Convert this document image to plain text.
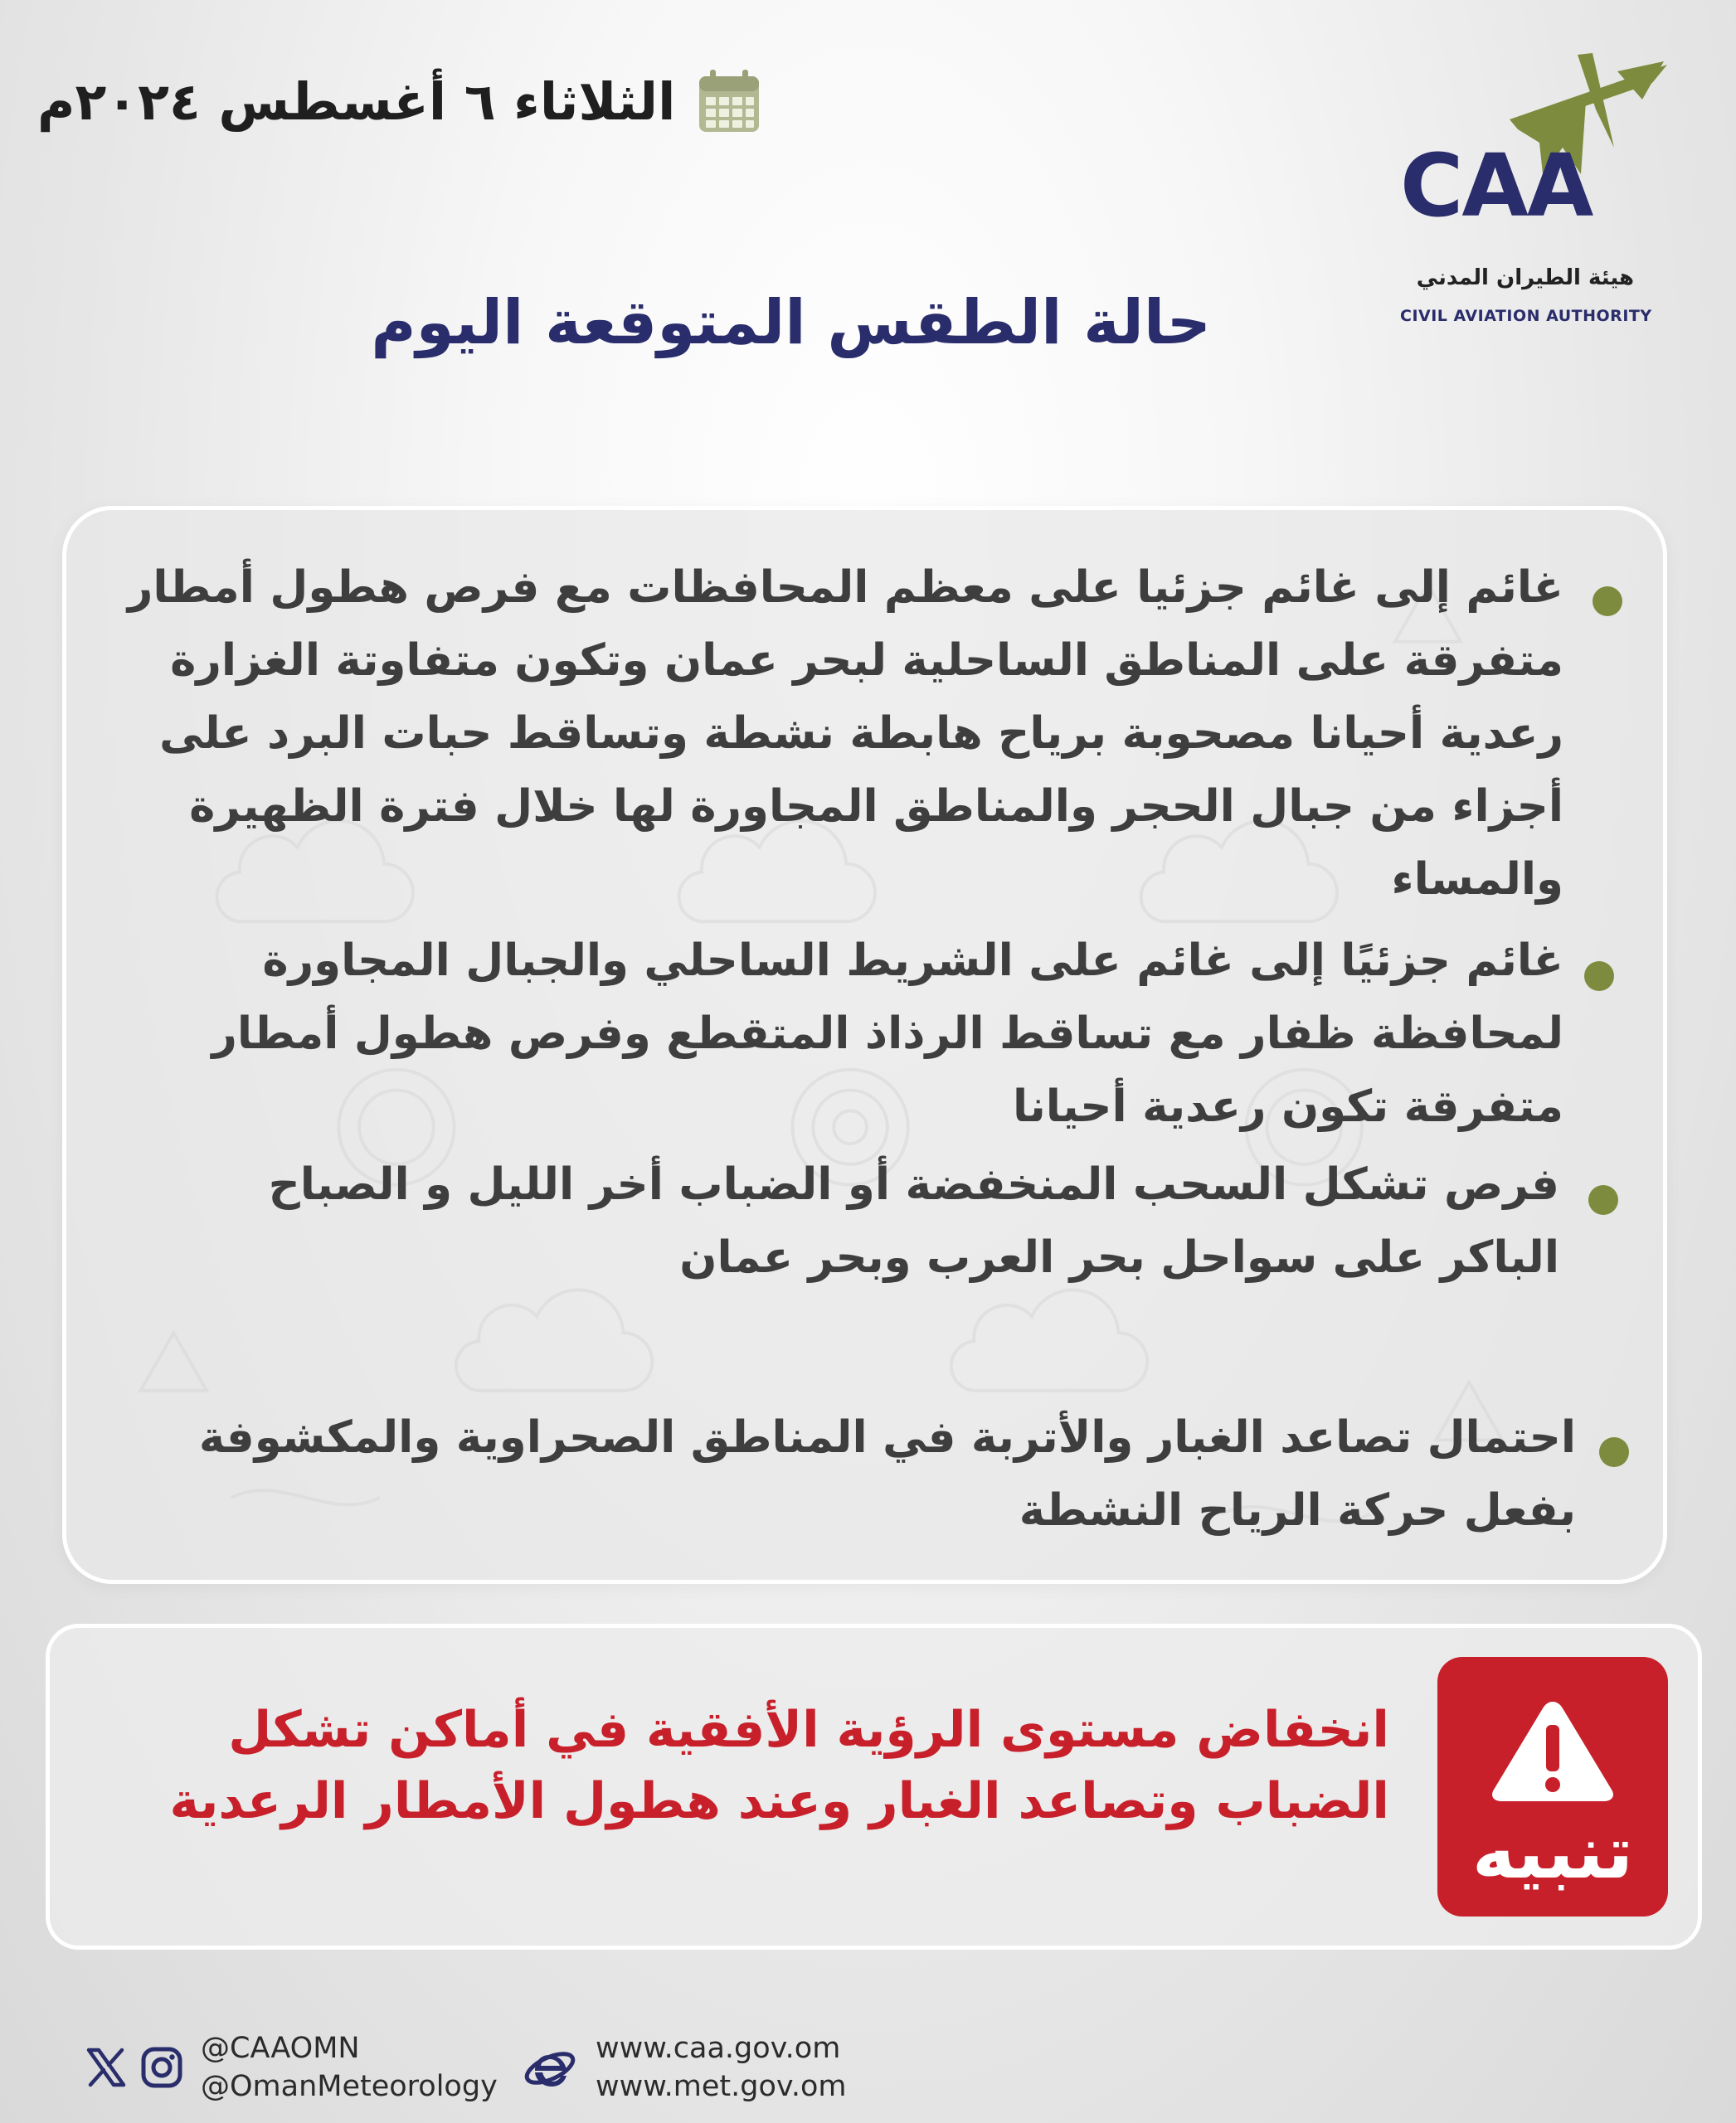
الثلاثاء ٦ أغسطس ٢٠٢٤م
CAA
هيئة الطيران المدني
CIVIL AVIATION AUTHORITY
حالة الطقس المتوقعة اليوم
غائم إلى غائم جزئيا على معظم المحافظات مع فرص هطول أمطار متفرقة على المناطق الساحلية لبحر عمان وتكون متفاوتة الغزارة رعدية أحيانا مصحوبة برياح هابطة نشطة وتساقط حبات البرد على أجزاء من جبال الحجر والمناطق المجاورة لها خلال فترة الظهيرة والمساء
غائم جزئيًا إلى غائم على الشريط الساحلي والجبال المجاورة لمحافظة ظفار مع تساقط الرذاذ المتقطع وفرص هطول أمطار متفرقة تكون رعدية أحيانا
فرص تشكل السحب المنخفضة أو الضباب أخر الليل و الصباح الباكر على سواحل بحر العرب وبحر عمان
احتمال تصاعد الغبار والأتربة في المناطق الصحراوية والمكشوفة بفعل حركة الرياح النشطة
تنبيه
انخفاض مستوى الرؤية الأفقية في أماكن تشكل الضباب وتصاعد الغبار وعند هطول الأمطار الرعدية
@CAAOMN
@OmanMeteorology
www.caa.gov.om
www.met.gov.om
